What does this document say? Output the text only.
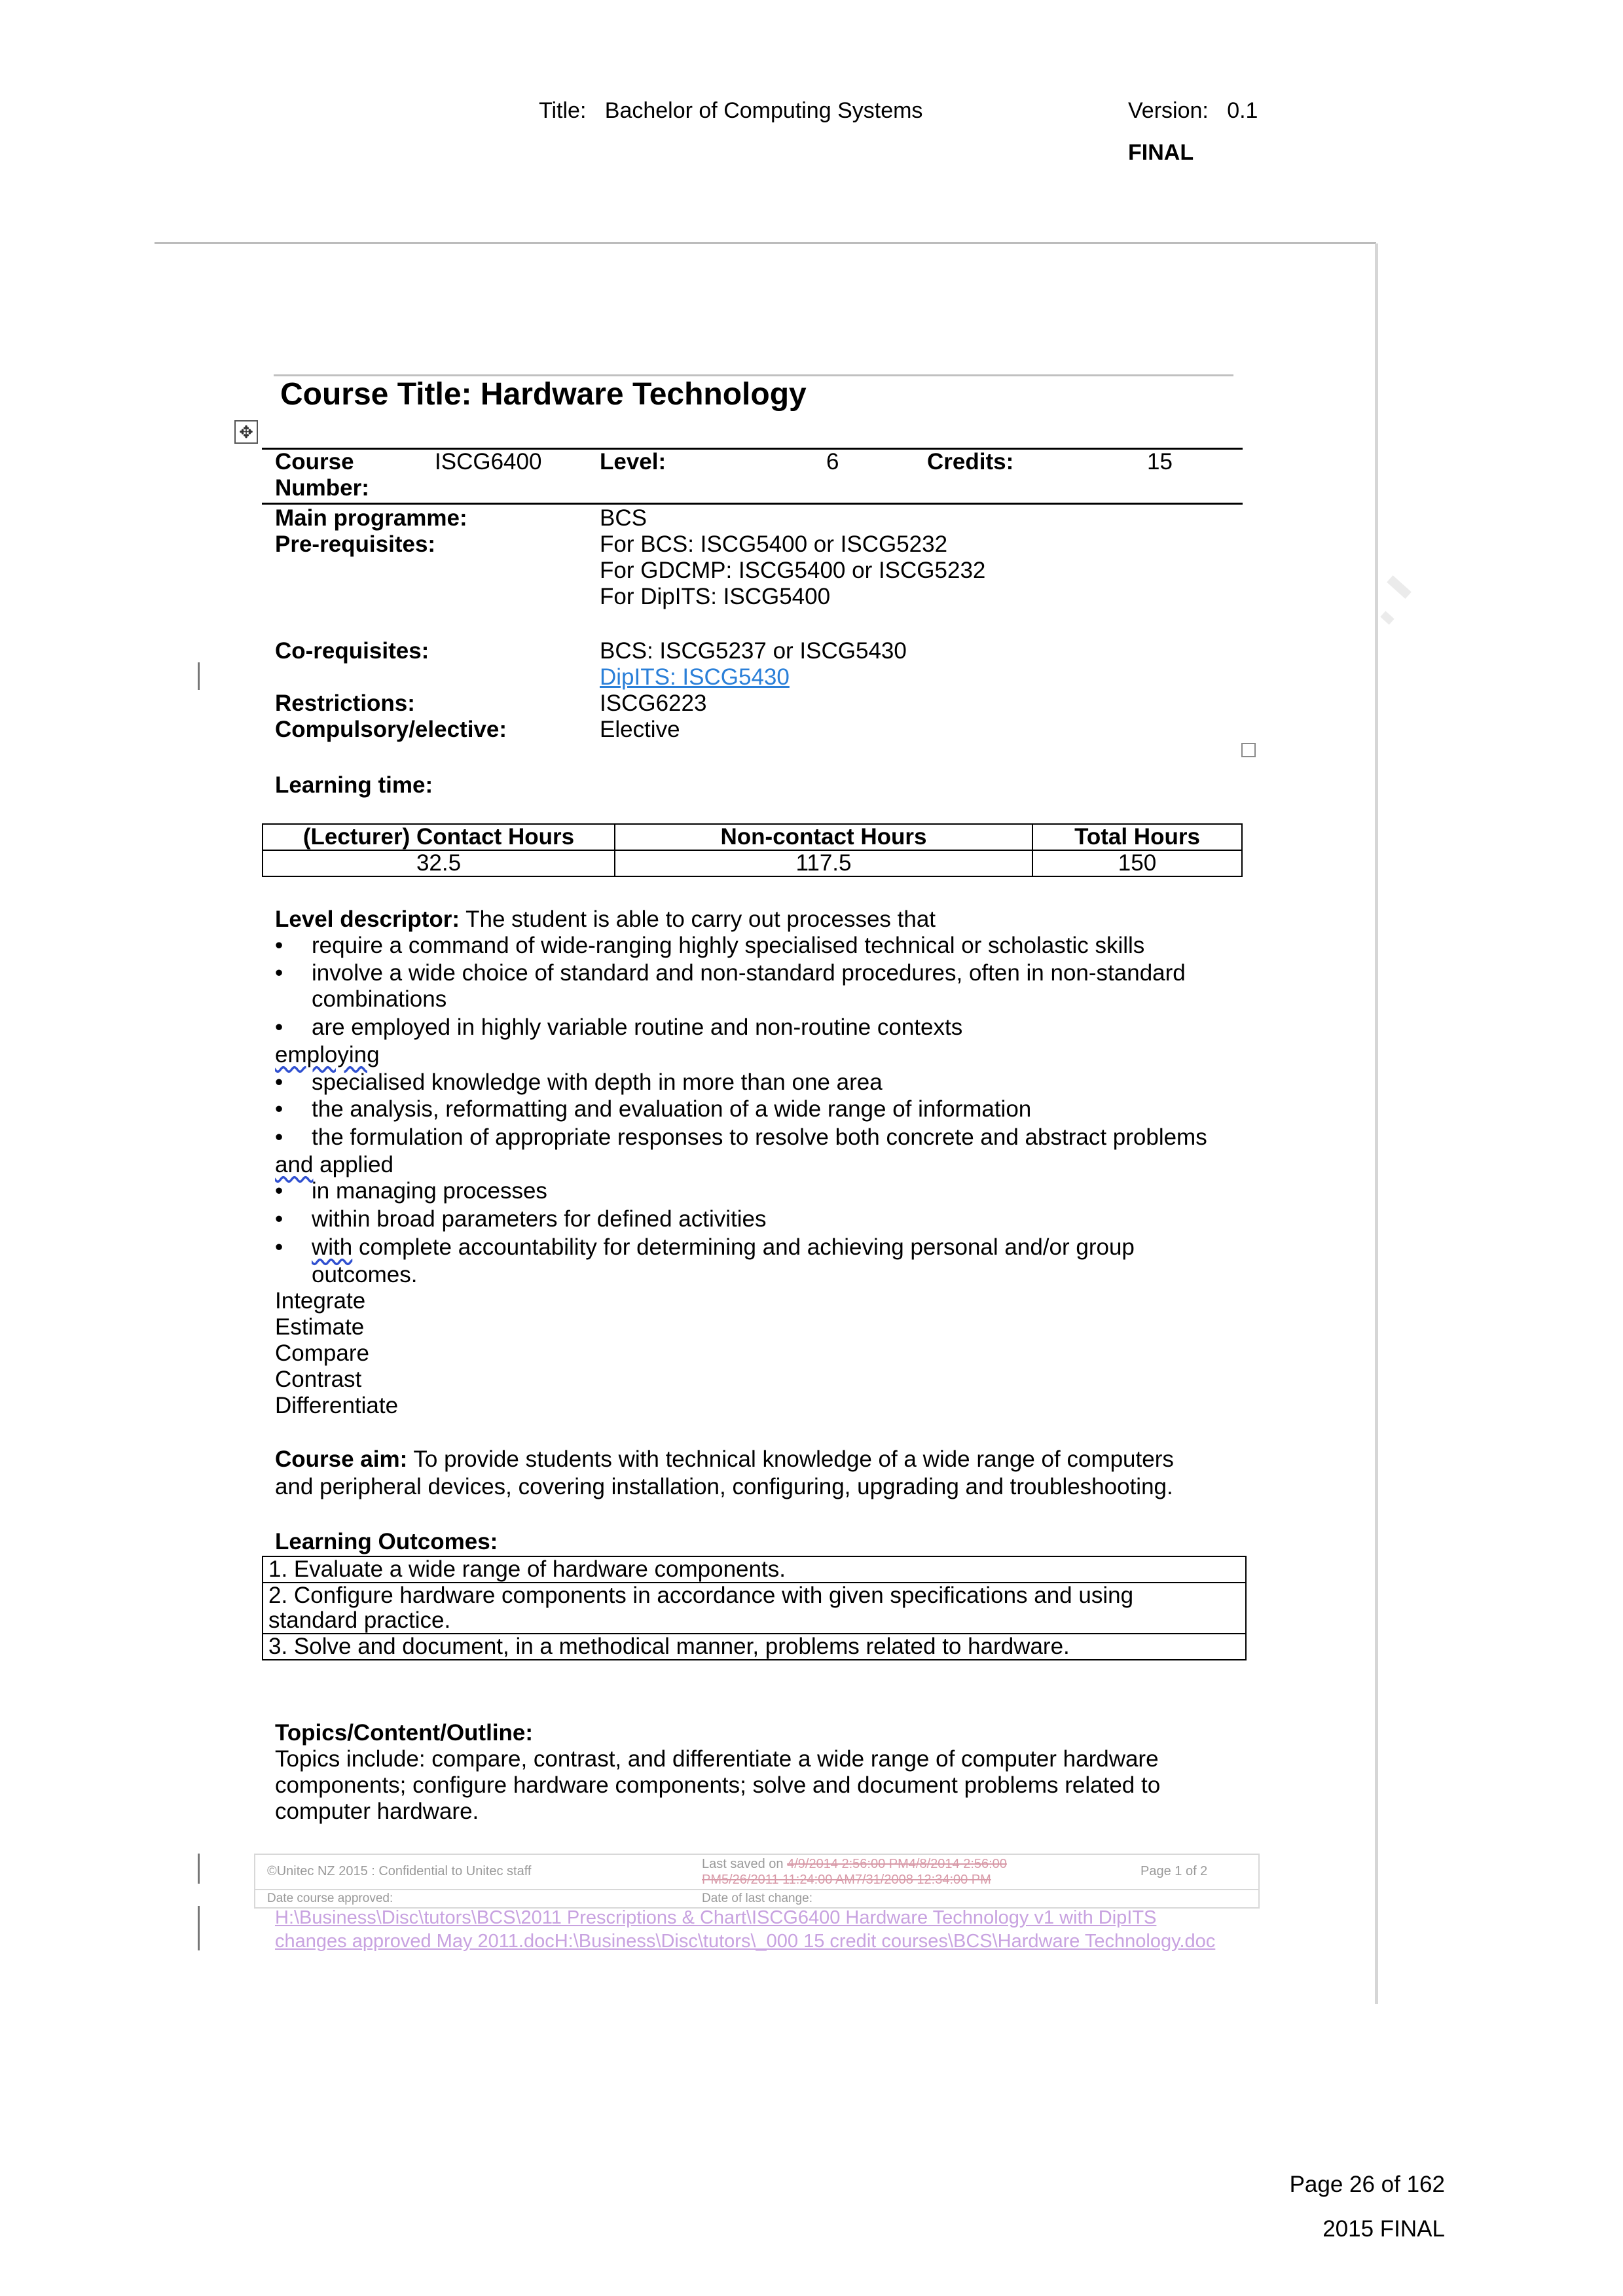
Title: Bachelor of Computing Systems	Version: 0.1
FINAL
✥
Course Title: Hardware Technology
Course
Number:
ISCG6400	Level:	6	Credits:	15
Main programme:	BCS
Pre-requisites:	For BCS: ISCG5400 or ISCG5232
For GDCMP: ISCG5400 or ISCG5232
For DipITS: ISCG5400
Co-requisites:	BCS: ISCG5237 or ISCG5430
DipITS: ISCG5430
Restrictions:	ISCG6223
Compulsory/elective:	Elective
Learning time:
(Lecturer) Contact Hours	Non-contact Hours	Total Hours
32.5	117.5	150
Level descriptor: The student is able to carry out processes that
• require a command of wide-ranging highly specialised technical or scholastic skills
• involve a wide choice of standard and non-standard procedures, often in non-standard
combinations
• are employed in highly variable routine and non-routine contexts
employing
• specialised knowledge with depth in more than one area
• the analysis, reformatting and evaluation of a wide range of information
• the formulation of appropriate responses to resolve both concrete and abstract problems
and applied
• in managing processes
• within broad parameters for defined activities
• with complete accountability for determining and achieving personal and/or group
outcomes.
Integrate
Estimate
Compare
Contrast
Differentiate
Course aim: To provide students with technical knowledge of a wide range of computers
and peripheral devices, covering installation, configuring, upgrading and troubleshooting.
Learning Outcomes:
1. Evaluate a wide range of hardware components.
2. Configure hardware components in accordance with given specifications and using
standard practice.
3. Solve and document, in a methodical manner, problems related to hardware.
Topics/Content/Outline:
Topics include: compare, contrast, and differentiate a wide range of computer hardware
components; configure hardware components; solve and document problems related to
computer hardware.
©Unitec NZ 2015 : Confidential to Unitec staff	Last saved on 4/9/2014 2:56:00 PM4/8/2014 2:56:00
PM5/26/2011 11:24:00 AM7/31/2008 12:34:00 PM
Page 1 of 2
Date course approved:	Date of last change:
H:\Business\Disc\tutors\BCS\2011 Prescriptions & Chart\ISCG6400 Hardware Technology v1 with DipITS
changes approved May 2011.docH:\Business\Disc\tutors\_000 15 credit courses\BCS\Hardware Technology.doc
Page 26 of 162
2015 FINAL
